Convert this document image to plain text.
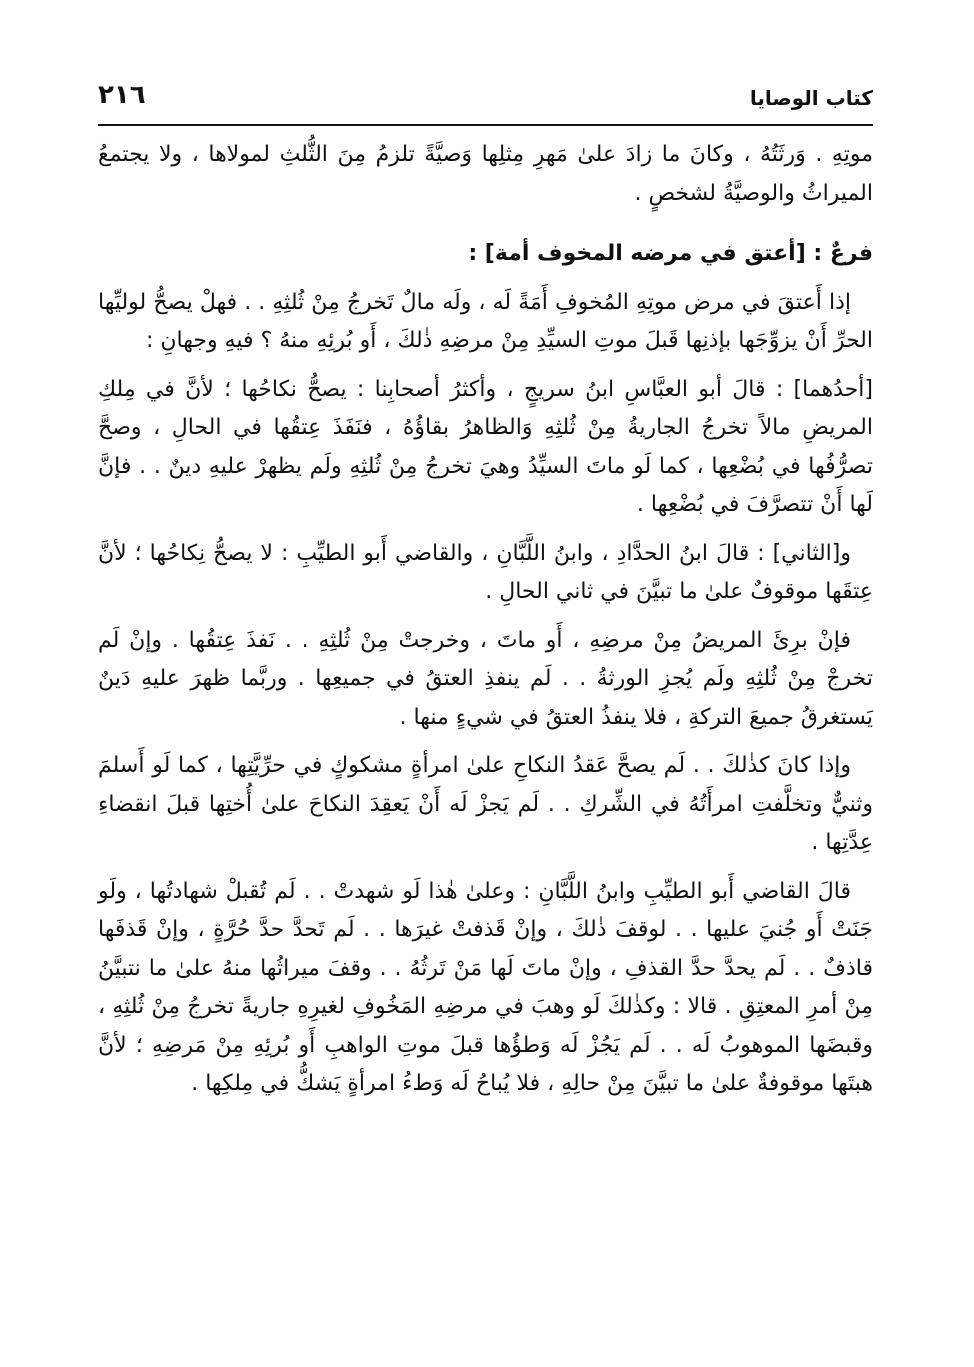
٢١٦	كتاب الوصايا

موتِهِ . وَرثَتُهُ ، وكانَ ما زادَ علىٰ مَهرِ مِثلِها وَصيَّةً تلزمُ مِنَ الثُّلثِ لمولاها ، ولا يجتمعُ الميراثُ والوصيَّةُ لشخصٍ .

فرعٌ : [أعتق في مرضه المخوف أمة] :

إذا أَعتقَ في مرض موتِهِ المُخوفِ أَمَةً لَه ، ولَه مالٌ تَخرجُ مِنْ ثُلثِهِ . . فهلْ يصحُّ لوليِّها الحرِّ أَنْ يزوِّجَها بإذنِها قَبلَ موتِ السيِّدِ مِنْ مرضِهِ ذٰلكَ ، أَو بُرئِهِ منهُ ؟ فيهِ وجهانِ :

[أحدُهما] : قالَ أبو العبَّاسِ ابنُ سريجٍ ، وأكثرُ أصحابِنا : يصحُّ نكاحُها ؛ لأنَّ في مِلكِ المريضِ مالاً تخرجُ الجاريةُ مِنْ ثُلثِهِ وَالظاهرُ بقاؤُهُ ، فنَفَذَ عِتقُها في الحالِ ، وصحَّ تصرُّفُها في بُضْعِها ، كما لَو ماتَ السيِّدُ وهيَ تخرجُ مِنْ ثُلثِهِ ولَم يظهرْ عليهِ دينٌ . . فإنَّ لَها أَنْ تتصرَّفَ في بُضْعِها .

و[الثاني] : قالَ ابنُ الحدَّادِ ، وابنُ اللَّبَّانِ ، والقاضي أَبو الطيِّبِ : لا يصحُّ نِكاحُها ؛ لأنَّ عِتقَها موقوفٌ علىٰ ما تبيَّنَ في ثاني الحالِ .

فإنْ برِئَ المريضُ مِنْ مرضِهِ ، أَو ماتَ ، وخرجتْ مِنْ ثُلثِهِ . . نَفذَ عِتقُها . وإنْ لَم تخرجْ مِنْ ثُلثِهِ ولَم يُجزِ الورثةُ . . لَم ينفذِ العتقُ في جميعِها . وربَّما ظهرَ عليهِ دَينٌ يَستغرقُ جميعَ التركةِ ، فلا ينفذُ العتقُ في شيءٍ منها .

وإذا كانَ كذٰلكَ . . لَم يصحَّ عَقدُ النكاحِ علىٰ امرأةٍ مشكوكٍ في حرِّيَّتِها ، كما لَو أَسلمَ وثنيٌّ وتخلَّفتِ امرأَتُهُ في الشِّركِ . . لَم يَجزْ لَه أَنْ يَعقِدَ النكاحَ علىٰ أُختِها قبلَ انقضاءِ عِدَّتِها .

قالَ القاضي أَبو الطيِّبِ وابنُ اللَّبَّانِ : وعلىٰ هٰذا لَو شهدتْ . . لَم تُقبلْ شهادتُها ، ولَو جَنَتْ أَو جُنيَ عليها . . لوقفَ ذٰلكَ ، وإنْ قَذفتْ غيرَها . . لَم تَحدَّ حدَّ حُرَّةٍ ، وإنْ قَذفَها قاذفٌ . . لَم يحدَّ حدَّ القذفِ ، وإنْ ماتَ لَها مَنْ تَرثُهُ . . وقفَ ميراثُها منهُ علىٰ ما نتبيَّنُ مِنْ أمرِ المعتِقِ . قالا : وكذٰلكَ لَو وهبَ في مرضِهِ المَخُوفِ لغيرِهِ جاريةً تخرجُ مِنْ ثُلثِهِ ، وقبضَها الموهوبُ لَه . . لَم يَجُزْ لَه وَطؤُها قبلَ موتِ الواهبِ أَو بُرئِهِ مِنْ مَرضِهِ ؛ لأنَّ هبتَها موقوفةٌ علىٰ ما تبيَّنَ مِنْ حالِهِ ، فلا يُباحُ لَه وَطءُ امرأةٍ يَشكُّ في مِلكِها .
